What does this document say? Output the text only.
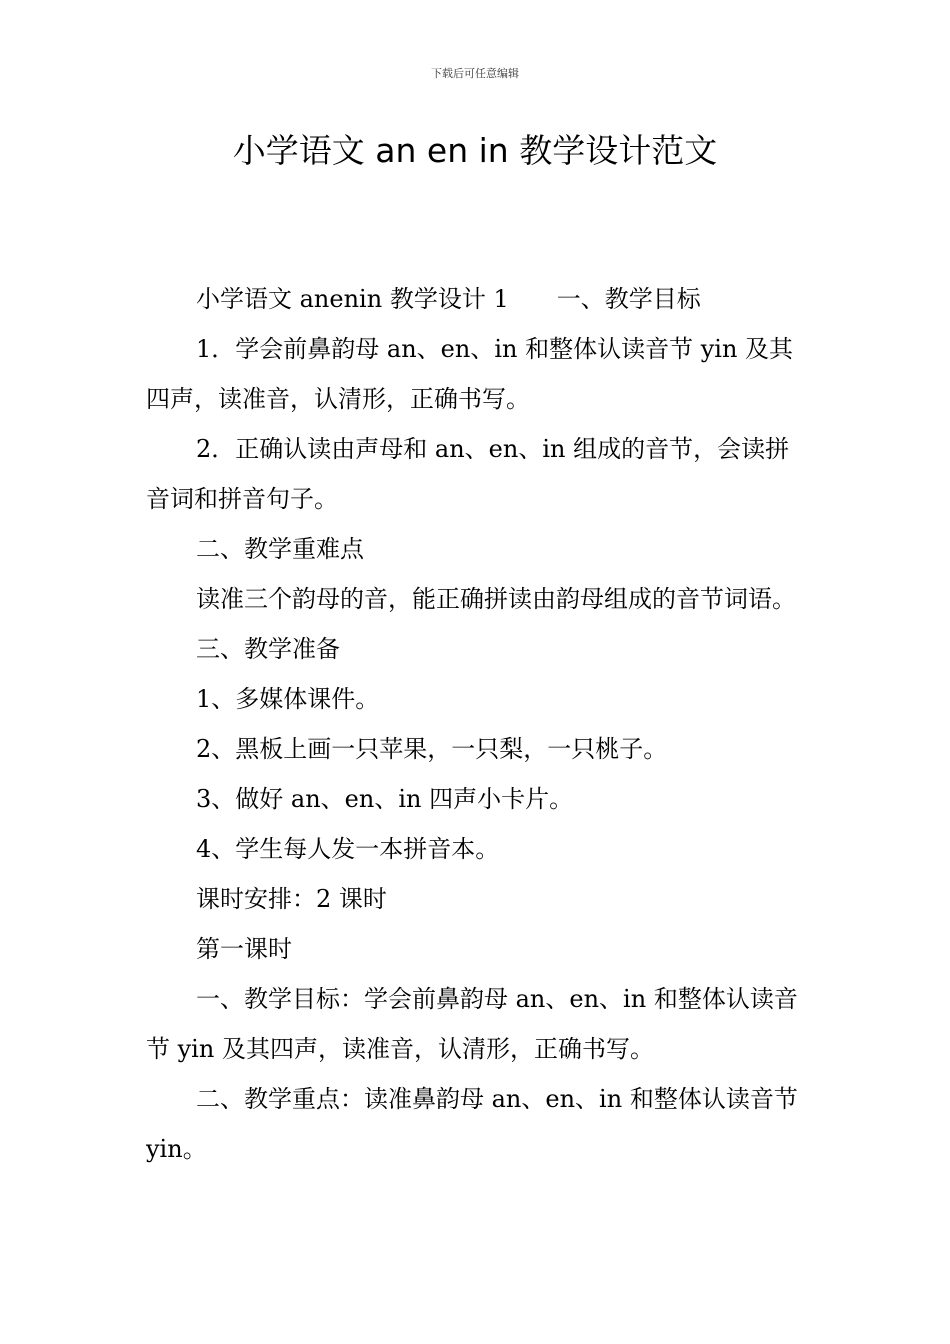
下载后可任意编辑
小学语文 an en in 教学设计范文

小学语文 anenin 教学设计 1 一、教学目标

1．学会前鼻韵母 an、en、in 和整体认读音节 yin 及其四声，读准音，认清形，正确书写。

2．正确认读由声母和 an、en、in 组成的音节，会读拼音词和拼音句子。

二、教学重难点

读准三个韵母的音，能正确拼读由韵母组成的音节词语。

三、教学准备

1、多媒体课件。

2、黑板上画一只苹果，一只梨，一只桃子。

3、做好 an、en、in 四声小卡片。

4、学生每人发一本拼音本。

课时安排：2 课时

第一课时

一、教学目标：学会前鼻韵母 an、en、in 和整体认读音节 yin 及其四声，读准音，认清形，正确书写。

二、教学重点：读准鼻韵母 an、en、in 和整体认读音节 yin。
